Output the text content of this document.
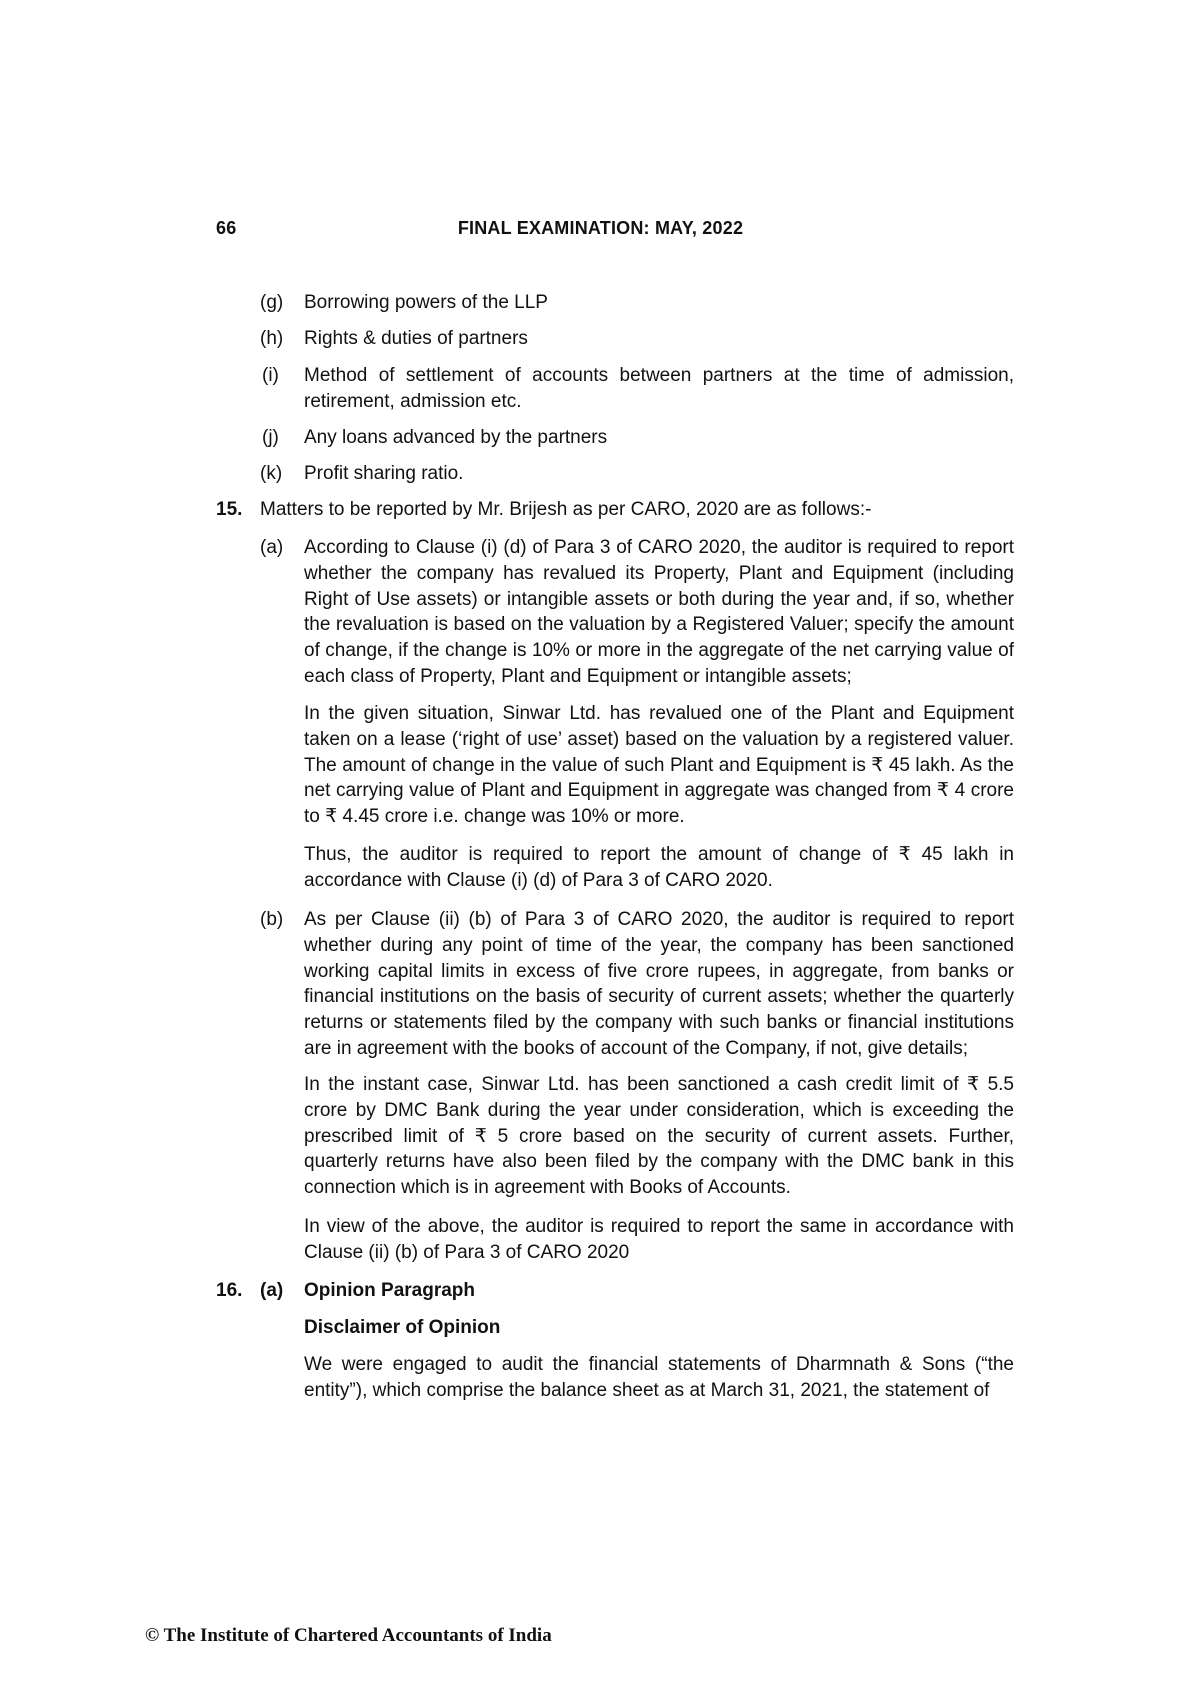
66	FINAL EXAMINATION: MAY, 2022
(g) Borrowing powers of the LLP
(h) Rights & duties of partners
(i) Method of settlement of accounts between partners at the time of admission, retirement, admission etc.
(j) Any loans advanced by the partners
(k) Profit sharing ratio.
15. Matters to be reported by Mr. Brijesh as per CARO, 2020 are as follows:-
(a) According to Clause (i) (d) of Para 3 of CARO 2020, the auditor is required to report whether the company has revalued its Property, Plant and Equipment (including Right of Use assets) or intangible assets or both during the year and, if so, whether the revaluation is based on the valuation by a Registered Valuer; specify the amount of change, if the change is 10% or more in the aggregate of the net carrying value of each class of Property, Plant and Equipment or intangible assets;
In the given situation, Sinwar Ltd. has revalued one of the Plant and Equipment taken on a lease (‘right of use’ asset) based on the valuation by a registered valuer. The amount of change in the value of such Plant and Equipment is ₹ 45 lakh. As the net carrying value of Plant and Equipment in aggregate was changed from ₹ 4 crore to ₹ 4.45 crore i.e. change was 10% or more.
Thus, the auditor is required to report the amount of change of ₹ 45 lakh in accordance with Clause (i) (d) of Para 3 of CARO 2020.
(b) As per Clause (ii) (b) of Para 3 of CARO 2020, the auditor is required to report whether during any point of time of the year, the company has been sanctioned working capital limits in excess of five crore rupees, in aggregate, from banks or financial institutions on the basis of security of current assets; whether the quarterly returns or statements filed by the company with such banks or financial institutions are in agreement with the books of account of the Company, if not, give details;
In the instant case, Sinwar Ltd. has been sanctioned a cash credit limit of ₹ 5.5 crore by DMC Bank during the year under consideration, which is exceeding the prescribed limit of ₹ 5 crore based on the security of current assets. Further, quarterly returns have also been filed by the company with the DMC bank in this connection which is in agreement with Books of Accounts.
In view of the above, the auditor is required to report the same in accordance with Clause (ii) (b) of Para 3 of CARO 2020
16. (a) Opinion Paragraph
Disclaimer of Opinion
We were engaged to audit the financial statements of Dharmnath & Sons (“the entity”), which comprise the balance sheet as at March 31, 2021, the statement of
© The Institute of Chartered Accountants of India
